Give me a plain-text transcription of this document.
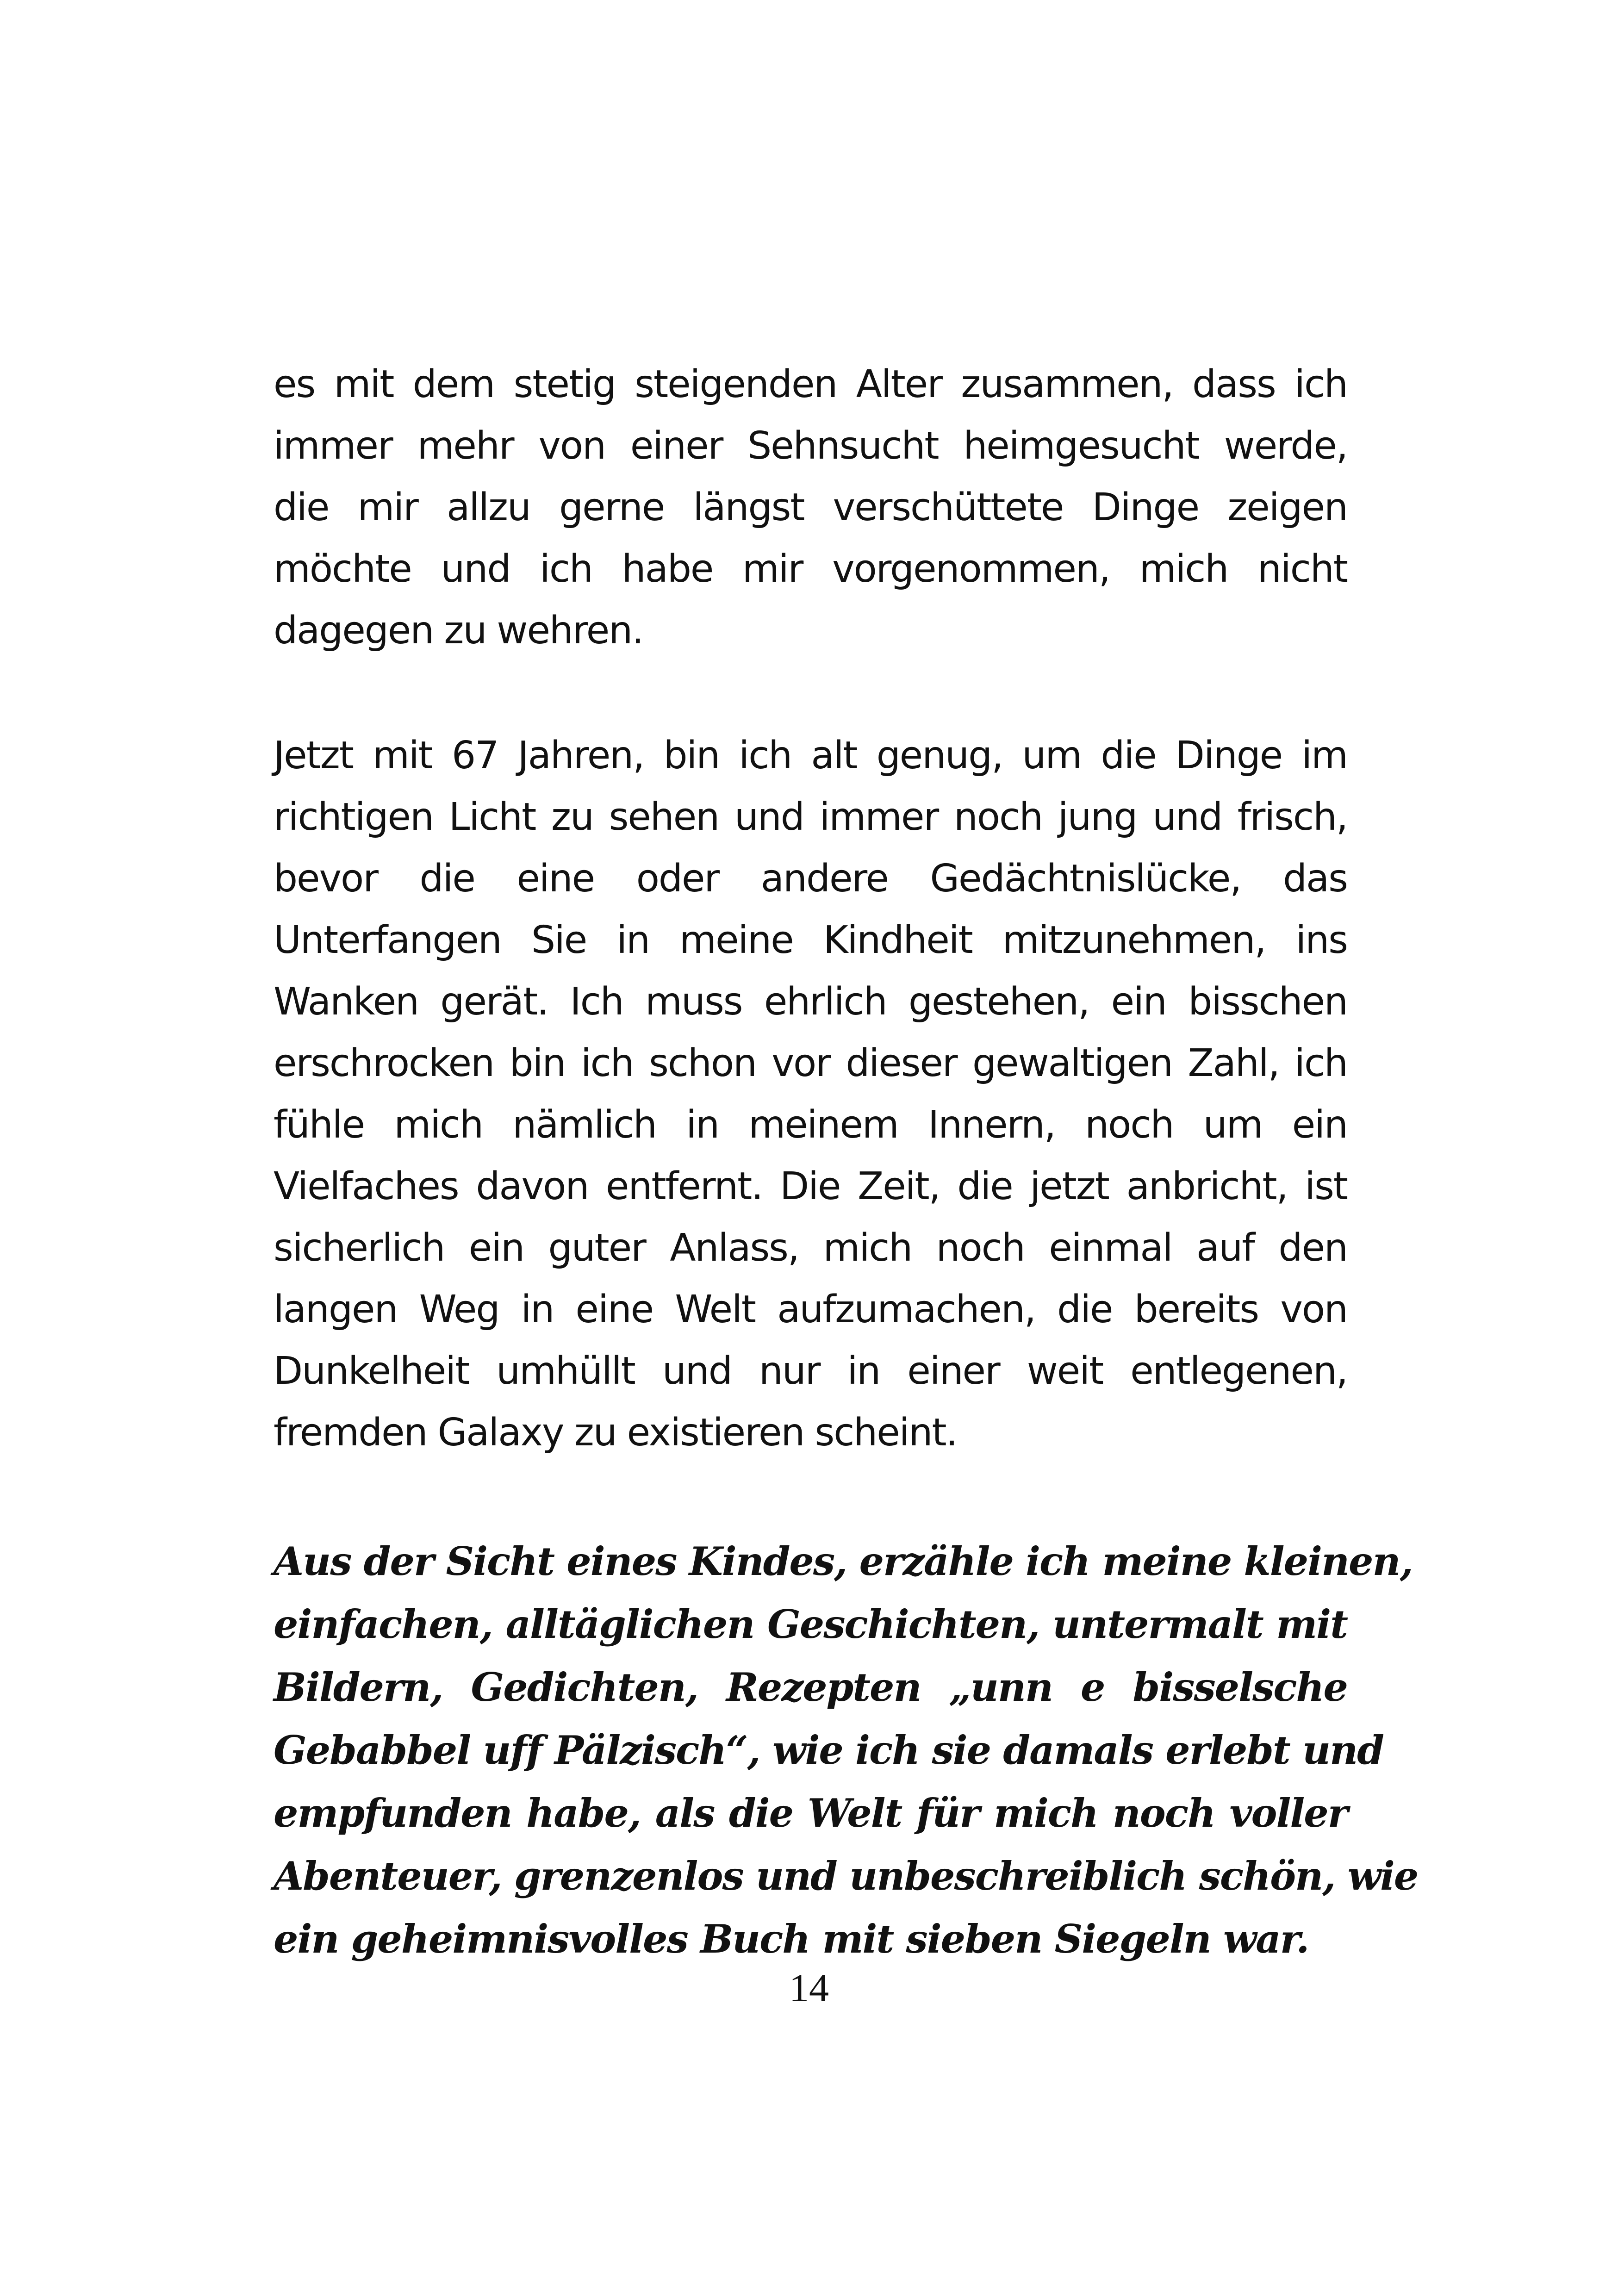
es mit dem stetig steigenden Alter zusammen, dass ich
immer mehr von einer Sehnsucht heimgesucht werde,
die mir allzu gerne längst verschüttete Dinge zeigen
möchte und ich habe mir vorgenommen, mich nicht
dagegen zu wehren.
Jetzt mit 67 Jahren, bin ich alt genug, um die Dinge im
richtigen Licht zu sehen und immer noch jung und frisch,
bevor die eine oder andere Gedächtnislücke, das
Unterfangen Sie in meine Kindheit mitzunehmen, ins
Wanken gerät. Ich muss ehrlich gestehen, ein bisschen
erschrocken bin ich schon vor dieser gewaltigen Zahl, ich
fühle mich nämlich in meinem Innern, noch um ein
Vielfaches davon entfernt. Die Zeit, die jetzt anbricht, ist
sicherlich ein guter Anlass, mich noch einmal auf den
langen Weg in eine Welt aufzumachen, die bereits von
Dunkelheit umhüllt und nur in einer weit entlegenen,
fremden Galaxy zu existieren scheint.
Aus der Sicht eines Kindes, erzähle ich meine kleinen,
einfachen, alltäglichen Geschichten, untermalt mit
Bildern, Gedichten, Rezepten „unn e bisselsche
Gebabbel uff Pälzisch“, wie ich sie damals erlebt und
empfunden habe, als die Welt für mich noch voller
Abenteuer, grenzenlos und unbeschreiblich schön, wie
ein geheimnisvolles Buch mit sieben Siegeln war.
14
